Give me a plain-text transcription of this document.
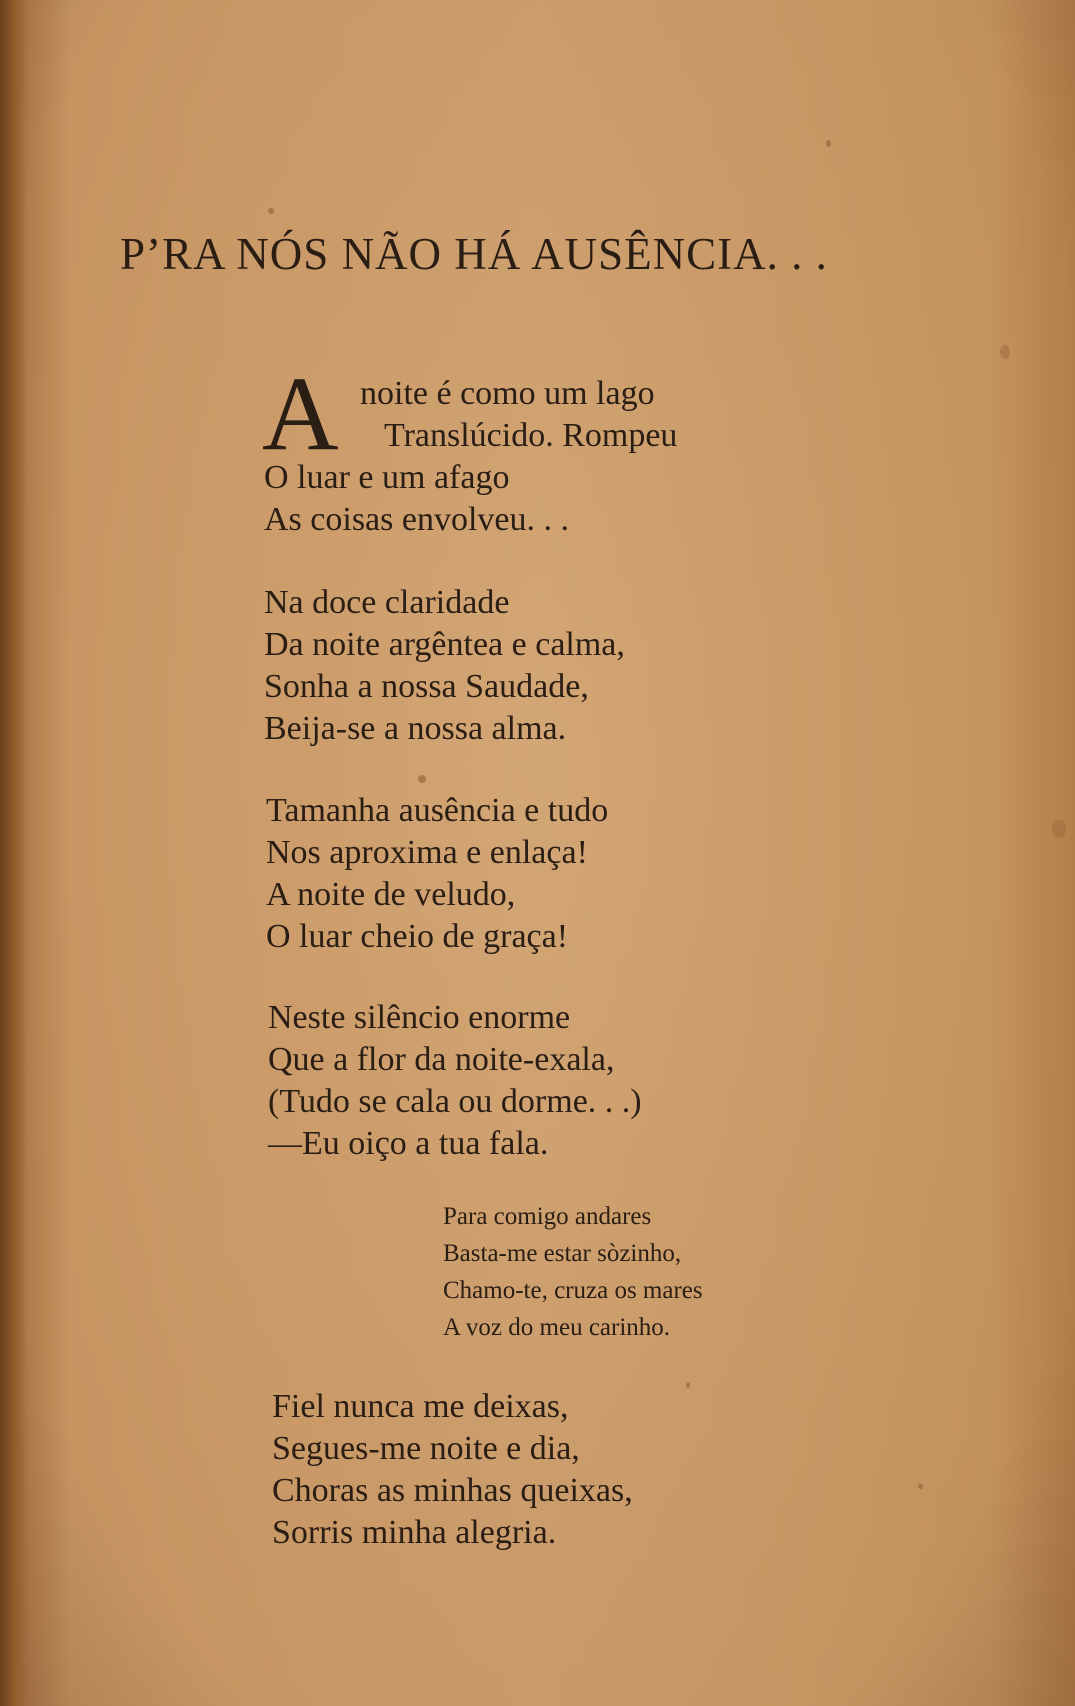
P’RA NÓS NÃO HÁ AUSÊNCIA. . .
A noite é como um lago
Translúcido. Rompeu
O luar e um afago
As coisas envolveu. . .
Na doce claridade
Da noite argêntea e calma,
Sonha a nossa Saudade,
Beija-se a nossa alma.
Tamanha ausência e tudo
Nos aproxima e enlaça!
A noite de veludo,
O luar cheio de graça!
Neste silêncio enorme
Que a flor da noite-exala,
(Tudo se cala ou dorme. . .)
—Eu oiço a tua fala.
Para comigo andares
Basta-me estar sòzinho,
Chamo-te, cruza os mares
A voz do meu carinho.
Fiel nunca me deixas,
Segues-me noite e dia,
Choras as minhas queixas,
Sorris minha alegria.
